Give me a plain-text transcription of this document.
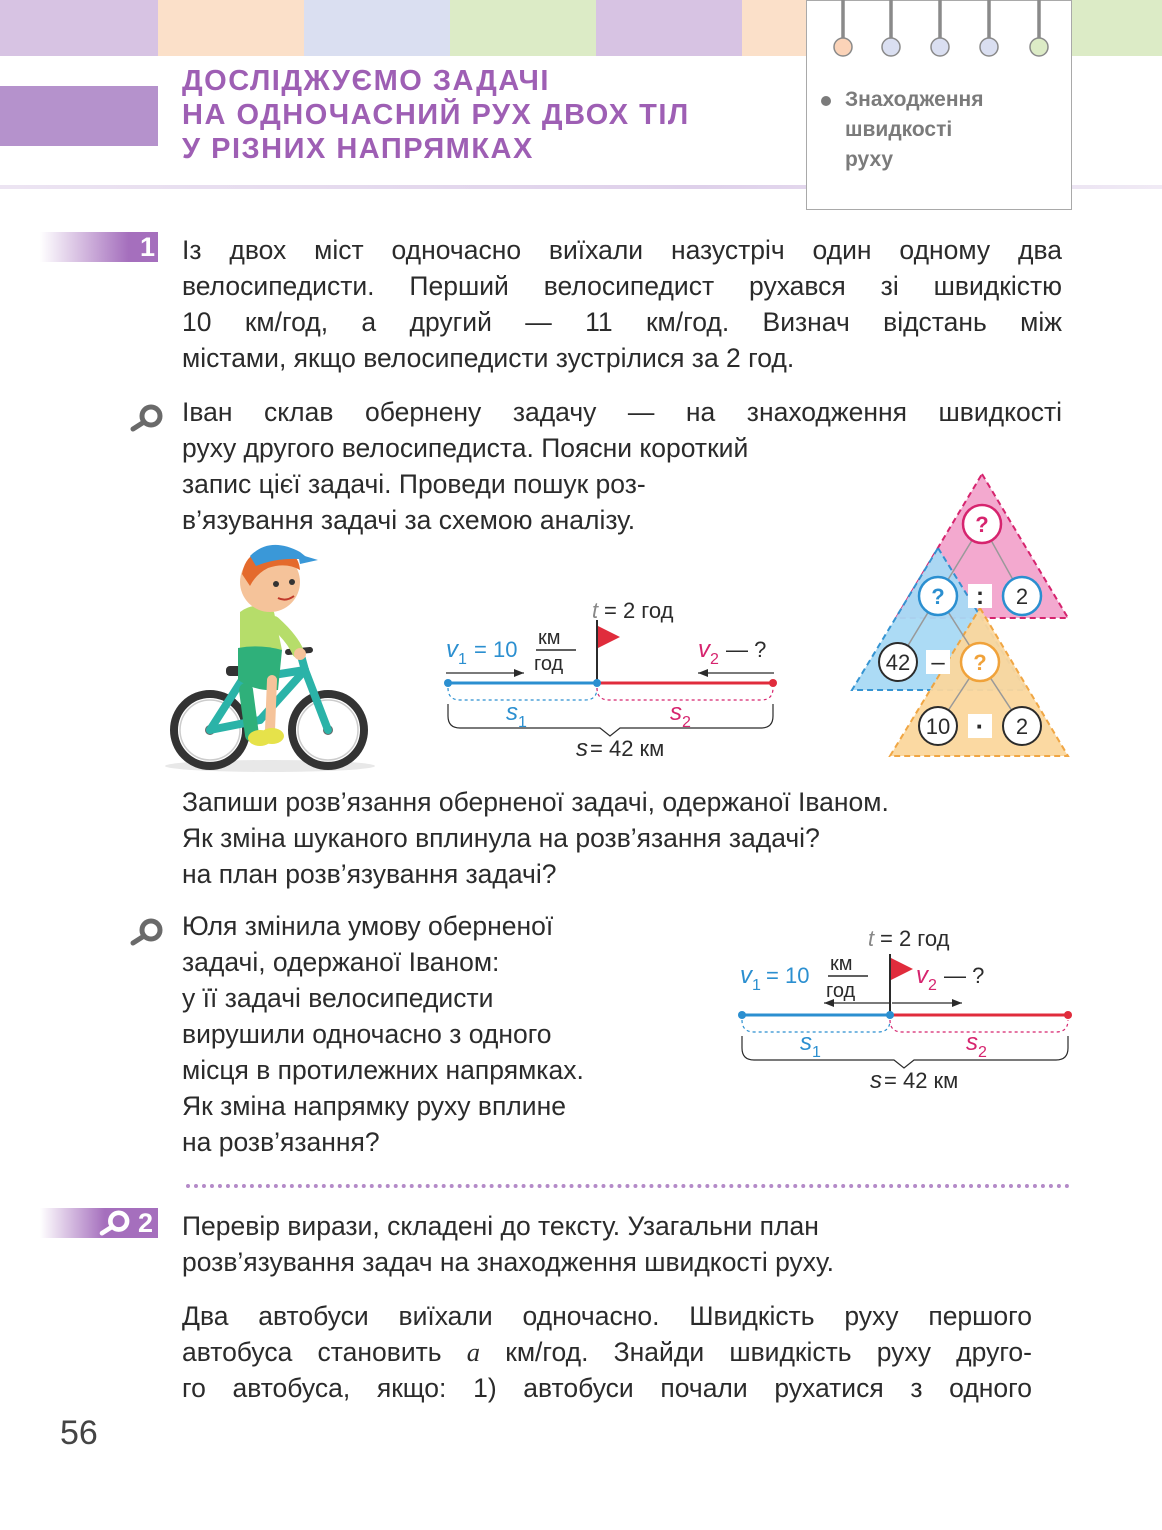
ДОСЛІДЖУЄМО ЗАДАЧІ
НА ОДНОЧАСНИЙ РУХ ДВОХ ТІЛ
У РІЗНИХ НАПРЯМКАХ
Знаходження
швидкості
руху
1 Із двох міст одночасно виїхали назустріч один одному два
велосипедисти. Перший велосипедист рухався зі швидкістю
10 км/год, а другий — 11 км/год. Визнач відстань між
містами, якщо велосипедисти зустрілися за 2 год.
Іван склав обернену задачу — на знаходження швидкості
руху другого велосипедиста. Поясни короткий
запис цієї задачі. Проведи пошук роз-
в’язування задачі за схемою аналізу.
t = 2 год
v 1 = 10 км
год
v 2 — ?
s 1	s 2
s = 42 км
?
? : 2
42 – ?
10 · 2
Запиши розв’язання оберненої задачі, одержаної Іваном.
Як зміна шуканого вплинула на розв’язання задачі?
на план розв’язування задачі?
Юля змінила умову оберненої
задачі, одержаної Іваном:
у її задачі велосипедисти
вирушили одночасно з одного
місця в протилежних напрямках.
Як зміна напрямку руху вплине
на розв’язання?
t = 2 год
v 1 = 10 км
год
v 2 — ?
s 1	s 2
s = 42 км
2 Перевір вирази, складені до тексту. Узагальни план
розв’язування задач на знаходження швидкості руху.
Два автобуси виїхали одночасно. Швидкість руху першого
автобуса становить a км/год. Знайди швидкість руху друго-
го автобуса, якщо: 1) автобуси почали рухатися з одного
56
